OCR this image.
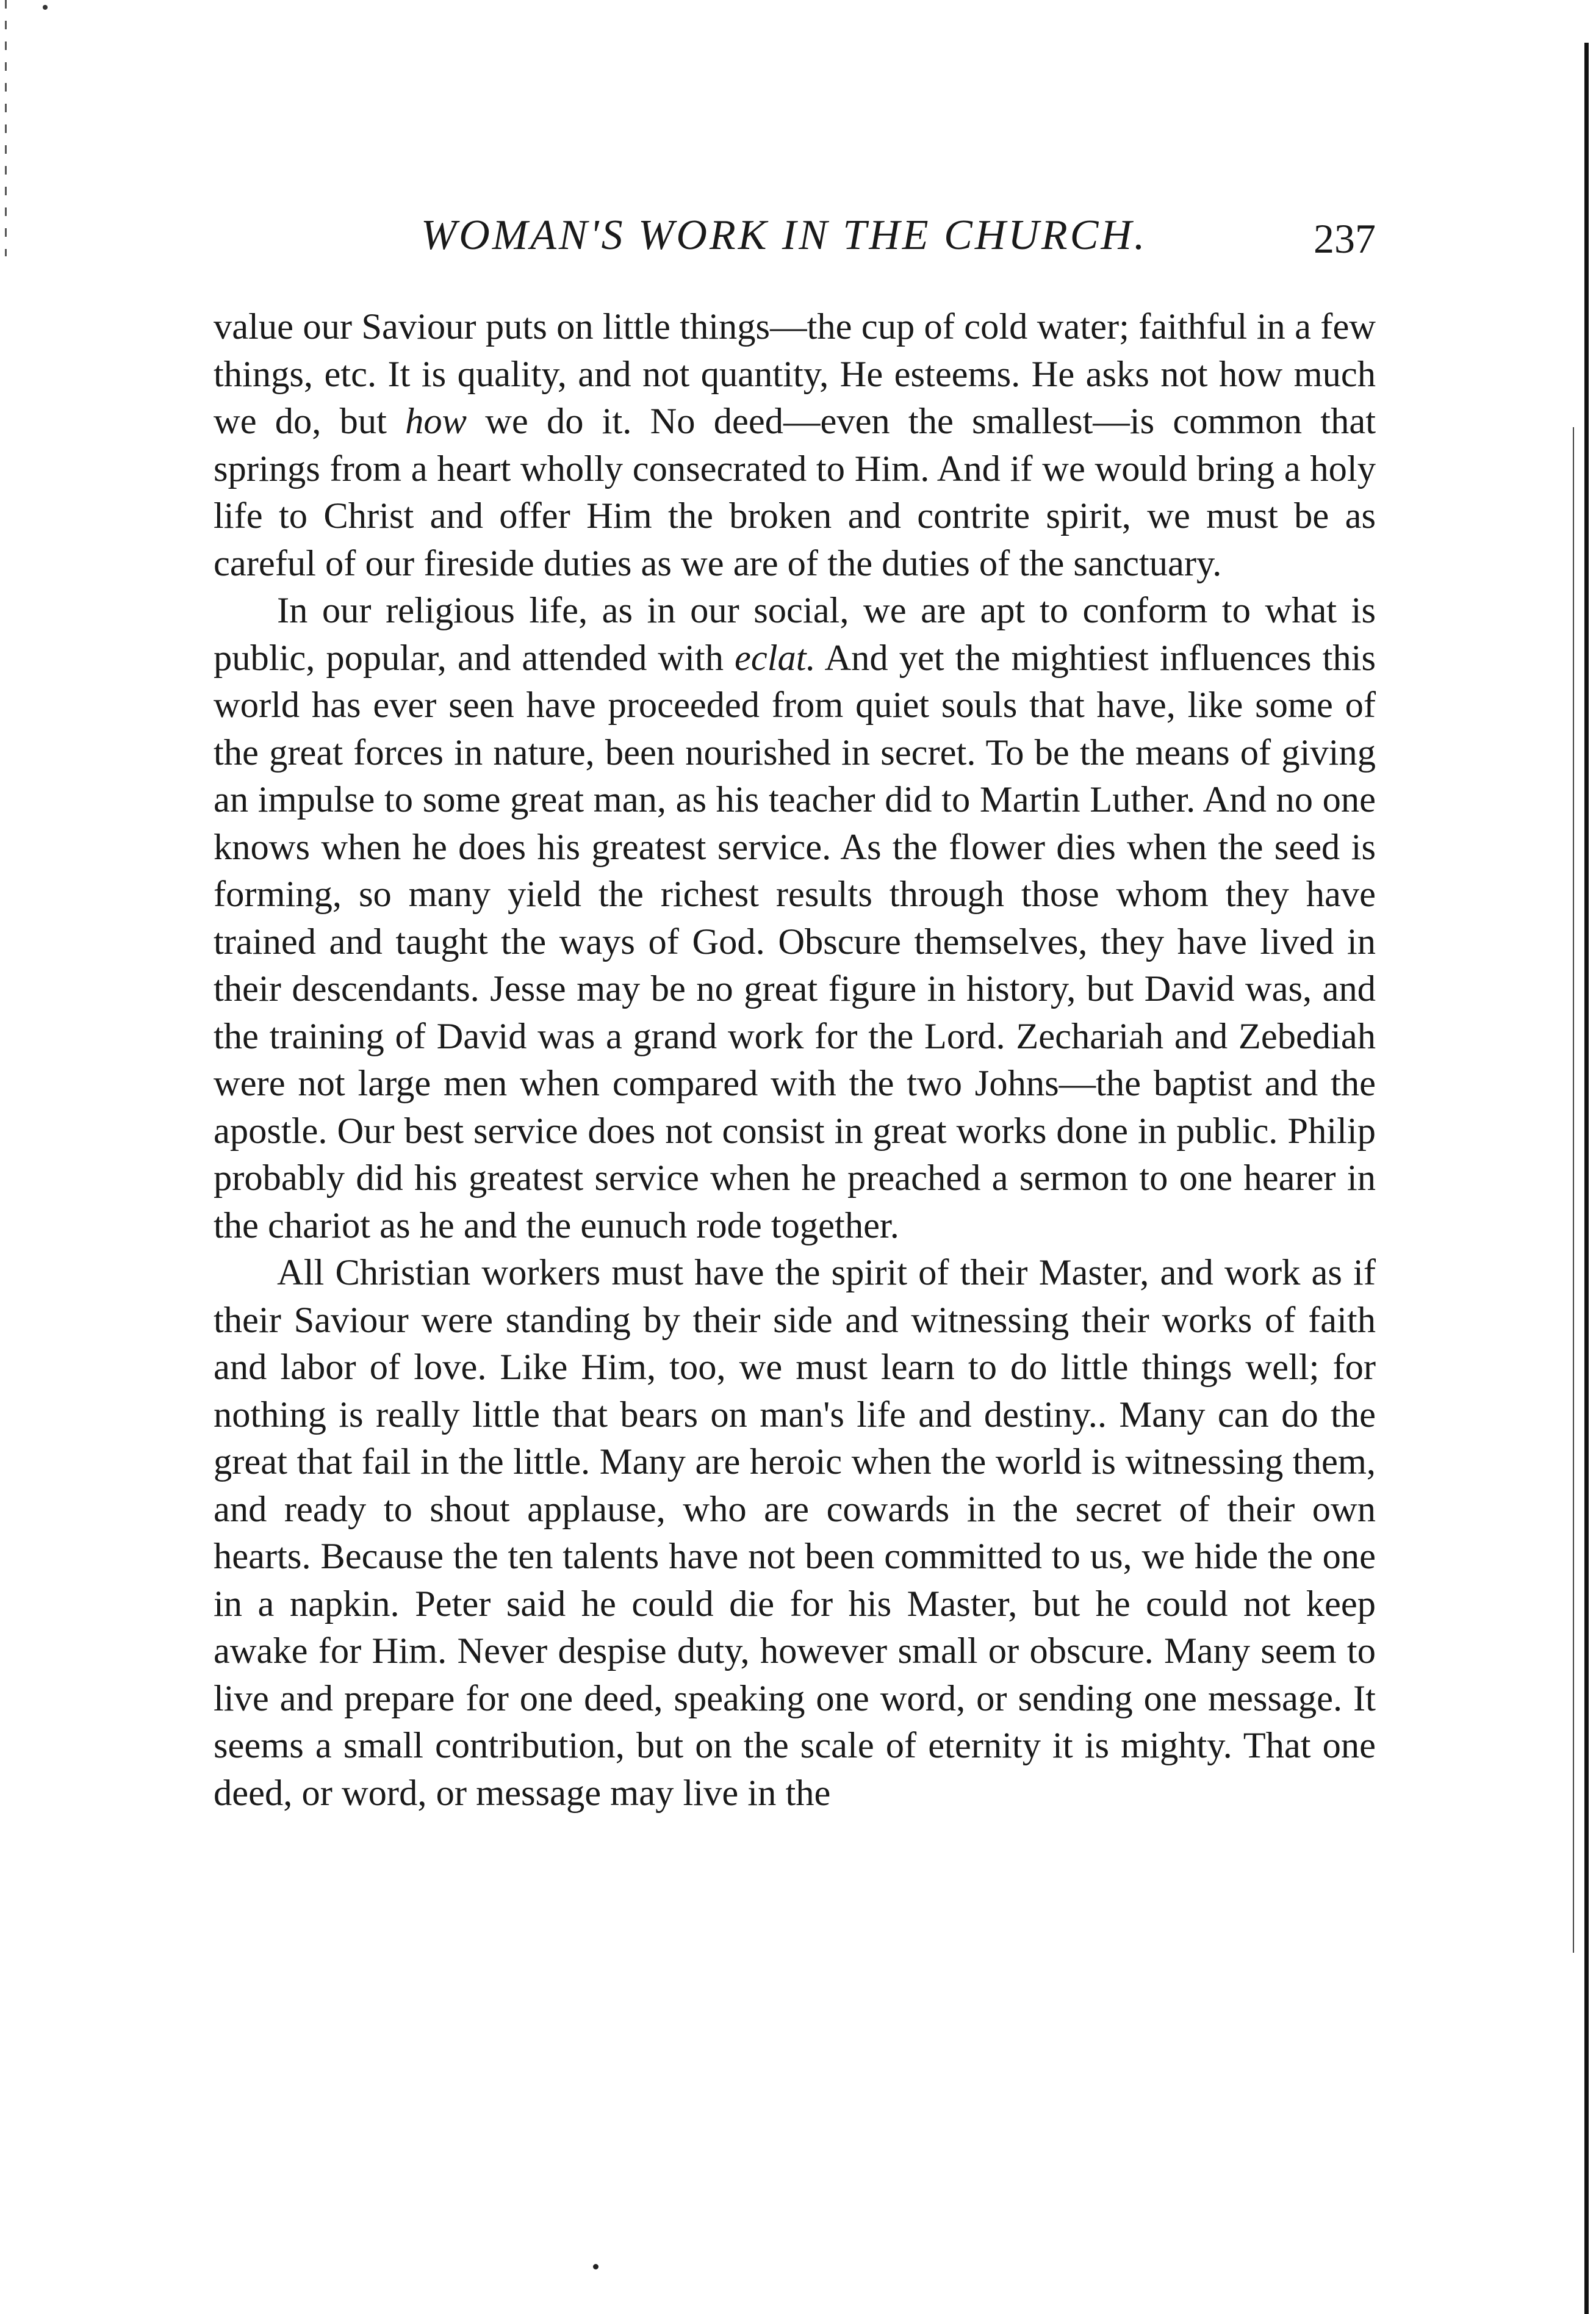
WOMAN'S WORK IN THE CHURCH.	237

value our Saviour puts on little things—the cup of cold water; faithful in a few things, etc. It is quality, and not quantity, He esteems. He asks not how much we do, but how we do it. No deed—even the smallest—is common that springs from a heart wholly consecrated to Him. And if we would bring a holy life to Christ and offer Him the broken and contrite spirit, we must be as careful of our fireside duties as we are of the duties of the sanctuary.

In our religious life, as in our social, we are apt to conform to what is public, popular, and attended with eclat. And yet the mightiest influences this world has ever seen have proceeded from quiet souls that have, like some of the great forces in nature, been nourished in secret. To be the means of giving an impulse to some great man, as his teacher did to Martin Luther. And no one knows when he does his greatest service. As the flower dies when the seed is forming, so many yield the richest results through those whom they have trained and taught the ways of God. Obscure themselves, they have lived in their descendants. Jesse may be no great figure in history, but David was, and the training of David was a grand work for the Lord. Zechariah and Zebediah were not large men when compared with the two Johns—the baptist and the apostle. Our best service does not consist in great works done in public. Philip probably did his greatest service when he preached a sermon to one hearer in the chariot as he and the eunuch rode together.

All Christian workers must have the spirit of their Master, and work as if their Saviour were standing by their side and witnessing their works of faith and labor of love. Like Him, too, we must learn to do little things well; for nothing is really little that bears on man's life and destiny.. Many can do the great that fail in the little. Many are heroic when the world is witnessing them, and ready to shout applause, who are cowards in the secret of their own hearts. Because the ten talents have not been committed to us, we hide the one in a napkin. Peter said he could die for his Master, but he could not keep awake for Him. Never despise duty, however small or obscure. Many seem to live and prepare for one deed, speaking one word, or sending one message. It seems a small contribution, but on the scale of eternity it is mighty. That one deed, or word, or message may live in the
